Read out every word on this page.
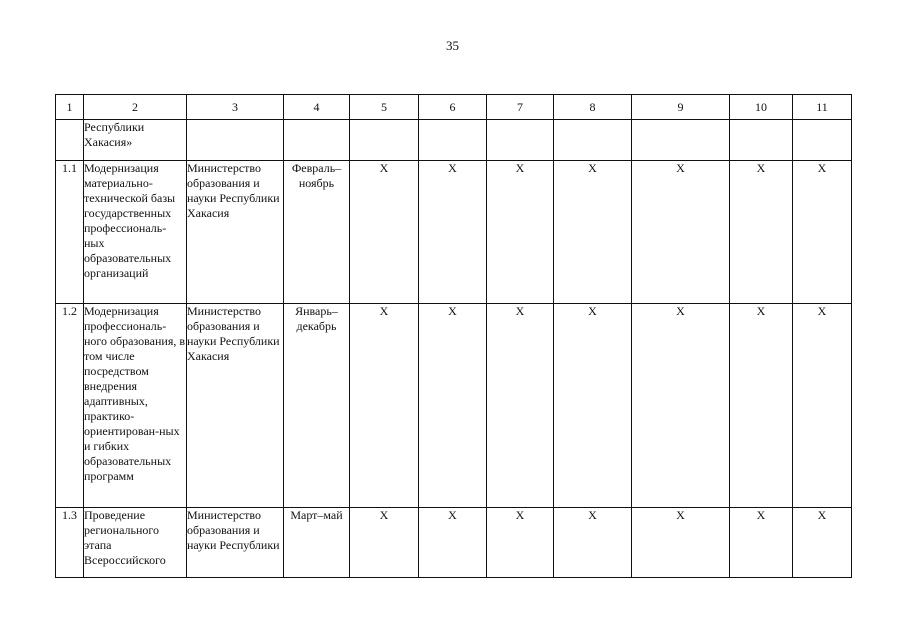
35
1	2	3	4	5	6	7	8	9	10	11
	Республики Хакасия»									
1.1	Модернизация материально-технической базы государственных профессиональ-ных образовательных организаций	Министерство образования и науки Республики Хакасия	Февраль–ноябрь	X	X	X	X	X	X	X
1.2	Модернизация профессиональ-ного образования, в том числе посредством внедрения адаптивных, практико-ориентирован-ных и гибких образовательных программ	Министерство образования и науки Республики Хакасия	Январь–декабрь	X	X	X	X	X	X	X
1.3	Проведение регионального этапа Всероссийского	Министерство образования и науки Республики	Март–май	X	X	X	X	X	X	X
